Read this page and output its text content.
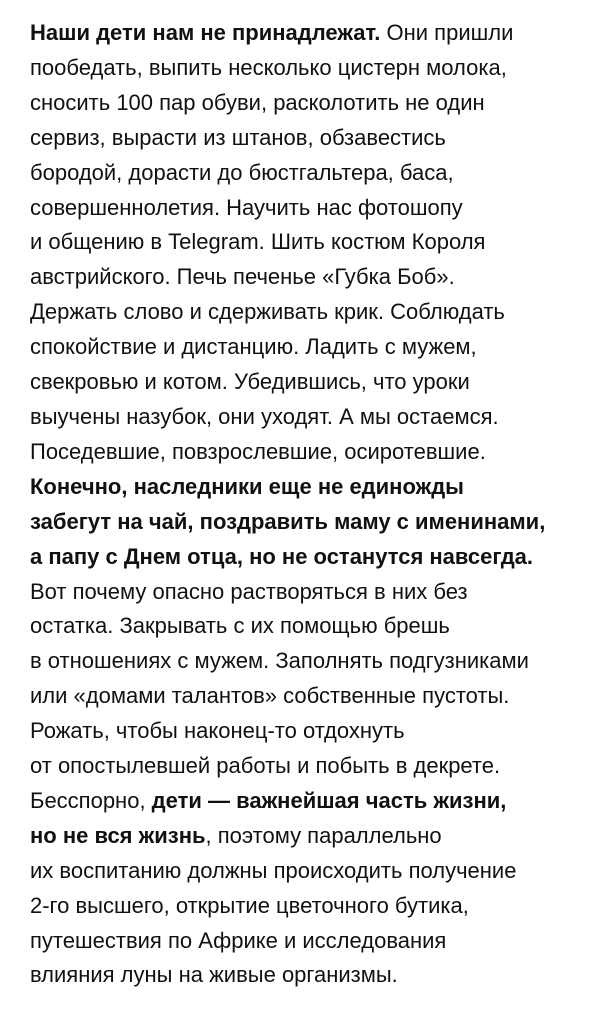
Наши дети нам не принадлежат. Они пришли
пообедать, выпить несколько цистерн молока,
сносить 100 пар обуви, расколотить не один
сервиз, вырасти из штанов, обзавестись
бородой, дорасти до бюстгальтера, баса,
совершеннолетия. Научить нас фотошопу
и общению в Telegram. Шить костюм Короля
австрийского. Печь печенье «Губка Боб».
Держать слово и сдерживать крик. Соблюдать
спокойствие и дистанцию. Ладить с мужем,
свекровью и котом. Убедившись, что уроки
выучены назубок, они уходят. А мы остаемся.
Поседевшие, повзрослевшие, осиротевшие.
Конечно, наследники еще не единожды
забегут на чай, поздравить маму с именинами,
а папу с Днем отца, но не останутся навсегда.
Вот почему опасно растворяться в них без
остатка. Закрывать с их помощью брешь
в отношениях с мужем. Заполнять подгузниками
или «домами талантов» собственные пустоты.
Рожать, чтобы наконец-то отдохнуть
от опостылевшей работы и побыть в декрете.
Бесспорно, дети — важнейшая часть жизни,
но не вся жизнь, поэтому параллельно
их воспитанию должны происходить получение
2-го высшего, открытие цветочного бутика,
путешествия по Африке и исследования
влияния луны на живые организмы.
